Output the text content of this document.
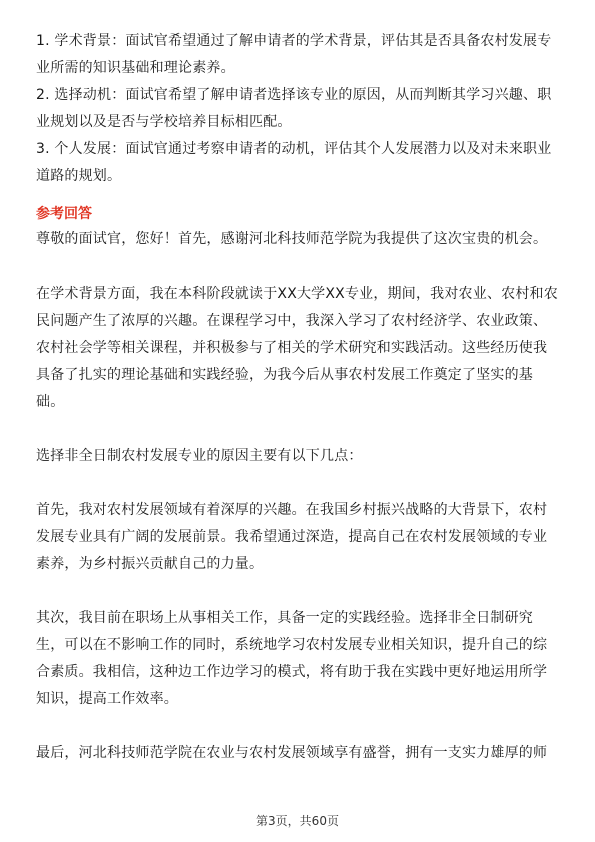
1. 学术背景：面试官希望通过了解申请者的学术背景，评估其是否具备农村发展专业所需的知识基础和理论素养。

2. 选择动机：面试官希望了解申请者选择该专业的原因，从而判断其学习兴趣、职业规划以及是否与学校培养目标相匹配。

3. 个人发展：面试官通过考察申请者的动机，评估其个人发展潜力以及对未来职业道路的规划。

参考回答

尊敬的面试官，您好！首先，感谢河北科技师范学院为我提供了这次宝贵的机会。

在学术背景方面，我在本科阶段就读于XX大学XX专业，期间，我对农业、农村和农民问题产生了浓厚的兴趣。在课程学习中，我深入学习了农村经济学、农业政策、农村社会学等相关课程，并积极参与了相关的学术研究和实践活动。这些经历使我具备了扎实的理论基础和实践经验，为我今后从事农村发展工作奠定了坚实的基础。

选择非全日制农村发展专业的原因主要有以下几点：

首先，我对农村发展领域有着深厚的兴趣。在我国乡村振兴战略的大背景下，农村发展专业具有广阔的发展前景。我希望通过深造，提高自己在农村发展领域的专业素养，为乡村振兴贡献自己的力量。

其次，我目前在职场上从事相关工作，具备一定的实践经验。选择非全日制研究生，可以在不影响工作的同时，系统地学习农村发展专业相关知识，提升自己的综合素质。我相信，这种边工作边学习的模式，将有助于我在实践中更好地运用所学知识，提高工作效率。

最后，河北科技师范学院在农业与农村发展领域享有盛誉，拥有一支实力雄厚的师

第3页，共60页
